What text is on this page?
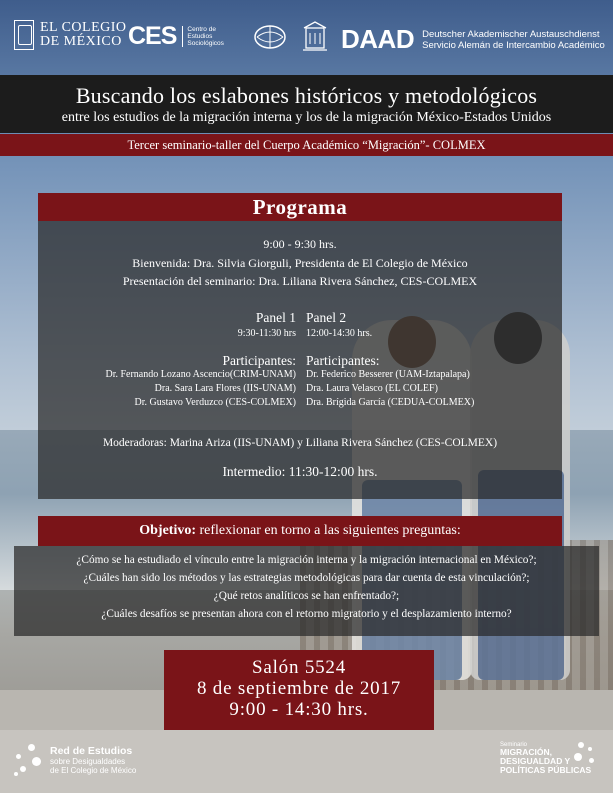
EL COLEGIO
DE MÉXICO CES Centro de
Estudios
Sociológicos	DAAD Deutscher Akademischer Austauschdienst
Servicio Alemán de Intercambio Académico
Buscando los eslabones históricos y metodológicos
entre los estudios de la migración interna y los de la migración México-Estados Unidos
Tercer seminario-taller del Cuerpo Académico “Migración”- COLMEX
Programa
9:00 - 9:30 hrs.
Bienvenida: Dra. Silvia Giorguli, Presidenta de El Colegio de México
Presentación del seminario: Dra. Liliana Rivera Sánchez, CES-COLMEX
Panel 1
9:30-11:30 hrs
Participantes:
Dr. Fernando Lozano Ascencio(CRIM-UNAM)
Dra. Sara Lara Flores (IIS-UNAM)
Dr. Gustavo Verduzco (CES-COLMEX)
Panel 2
12:00-14:30 hrs.
Participantes:
Dr. Federico Besserer (UAM-Iztapalapa)
Dra. Laura Velasco (EL COLEF)
Dra. Brígida García (CEDUA-COLMEX)
Moderadoras: Marina Ariza (IIS-UNAM) y Liliana Rivera Sánchez (CES-COLMEX)
Intermedio: 11:30-12:00 hrs.
Objetivo: reflexionar en torno a las siguientes preguntas:
¿Cómo se ha estudiado el vínculo entre la migración interna y la migración internacional en México?;
¿Cuáles han sido los métodos y las estrategias metodológicas para dar cuenta de esta vinculación?;
¿Qué retos analíticos se han enfrentado?;
¿Cuáles desafíos se presentan ahora con el retorno migratorio y el desplazamiento interno?
Salón 5524
8 de septiembre de 2017
9:00 - 14:30 hrs.
Red de Estudios
sobre Desigualdades
de El Colegio de México
Seminario
MIGRACIÓN,
DESIGUALDAD Y
POLÍTICAS PÚBLICAS
